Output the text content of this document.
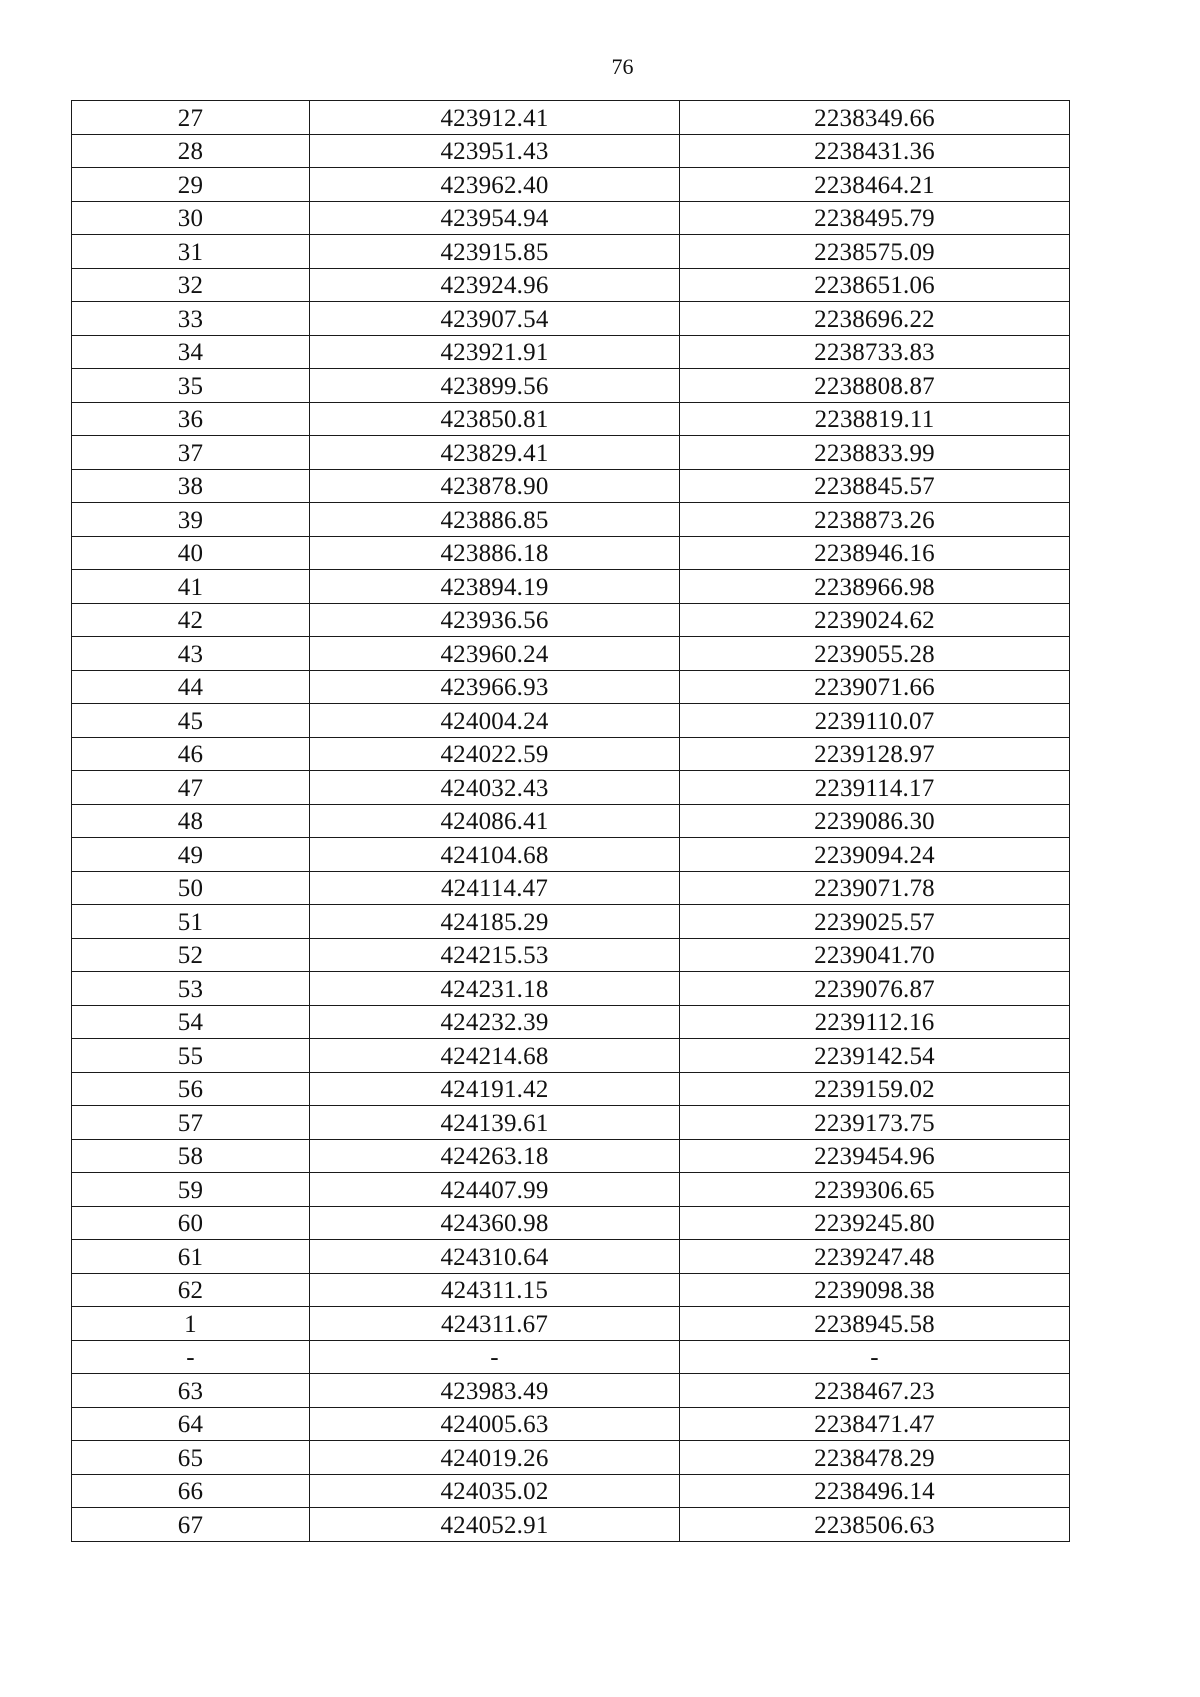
76
27	423912.41	2238349.66
28	423951.43	2238431.36
29	423962.40	2238464.21
30	423954.94	2238495.79
31	423915.85	2238575.09
32	423924.96	2238651.06
33	423907.54	2238696.22
34	423921.91	2238733.83
35	423899.56	2238808.87
36	423850.81	2238819.11
37	423829.41	2238833.99
38	423878.90	2238845.57
39	423886.85	2238873.26
40	423886.18	2238946.16
41	423894.19	2238966.98
42	423936.56	2239024.62
43	423960.24	2239055.28
44	423966.93	2239071.66
45	424004.24	2239110.07
46	424022.59	2239128.97
47	424032.43	2239114.17
48	424086.41	2239086.30
49	424104.68	2239094.24
50	424114.47	2239071.78
51	424185.29	2239025.57
52	424215.53	2239041.70
53	424231.18	2239076.87
54	424232.39	2239112.16
55	424214.68	2239142.54
56	424191.42	2239159.02
57	424139.61	2239173.75
58	424263.18	2239454.96
59	424407.99	2239306.65
60	424360.98	2239245.80
61	424310.64	2239247.48
62	424311.15	2239098.38
1	424311.67	2238945.58
-	-	-
63	423983.49	2238467.23
64	424005.63	2238471.47
65	424019.26	2238478.29
66	424035.02	2238496.14
67	424052.91	2238506.63
